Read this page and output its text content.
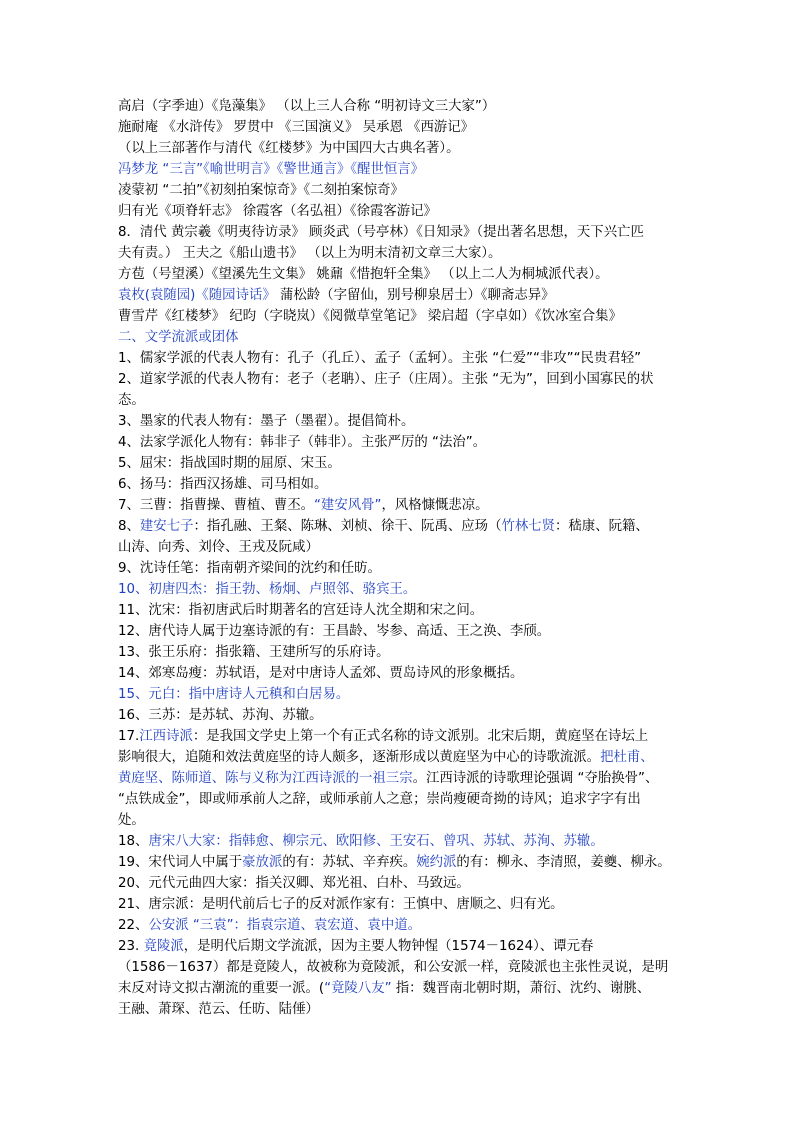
高启（字季迪）《凫藻集》 （以上三人合称 “明初诗文三大家”）
施耐庵 《水浒传》 罗贯中 《三国演义》 吴承恩 《西游记》
（以上三部著作与清代《红楼梦》为中国四大古典名著）。
冯梦龙 “三言”《喻世明言》《警世通言》《醒世恒言》
凌蒙初 “二拍”《初刻拍案惊奇》《二刻拍案惊奇》
归有光《项脊轩志》 徐霞客（名弘祖）《徐霞客游记》
8．清代 黄宗羲《明夷待访录》 顾炎武（号亭林）《日知录》（提出著名思想，天下兴亡匹
夫有责。） 王夫之《船山遗书》 （以上为明末清初文章三大家）。
方苞（号望溪）《望溪先生文集》 姚鼐《惜抱轩全集》 （以上二人为桐城派代表）。
袁枚(袁随园)《随园诗话》 蒲松龄（字留仙，别号柳泉居士）《聊斋志异》
曹雪芹《红楼梦》 纪昀（字晓岚）《阅微草堂笔记》 梁启超（字卓如）《饮冰室合集》
二、文学流派或团体
1、儒家学派的代表人物有：孔子（孔丘）、孟子（孟轲）。主张 “仁爱”“非攻”“民贵君轻”
2、道家学派的代表人物有：老子（老聃）、庄子（庄周）。主张 “无为”，回到小国寡民的状
态。
3、墨家的代表人物有：墨子（墨翟）。提倡简朴。
4、法家学派化人物有：韩非子（韩非）。主张严厉的 “法治”。
5、屈宋：指战国时期的屈原、宋玉。
6、扬马：指西汉扬雄、司马相如。
7、三曹：指曹操、曹植、曹丕。“建安风骨”，风格慷慨悲凉。
8、建安七子：指孔融、王粲、陈琳、刘桢、徐干、阮禹、应玚（竹林七贤：嵇康、阮籍、
山涛、向秀、刘伶、王戎及阮咸）
9、沈诗任笔：指南朝齐梁间的沈约和任昉。
10、初唐四杰：指王勃、杨炯、卢照邻、骆宾王。
11、沈宋：指初唐武后时期著名的宫廷诗人沈全期和宋之问。
12、唐代诗人属于边塞诗派的有：王昌龄、岑参、高适、王之涣、李颀。
13、张王乐府：指张籍、王建所写的乐府诗。
14、郊寒岛瘦：苏轼语，是对中唐诗人孟郊、贾岛诗风的形象概括。
15、元白：指中唐诗人元稹和白居易。
16、三苏：是苏轼、苏洵、苏辙。
17.江西诗派：是我国文学史上第一个有正式名称的诗文派别。北宋后期，黄庭坚在诗坛上
影响很大，追随和效法黄庭坚的诗人颇多，逐渐形成以黄庭坚为中心的诗歌流派。把杜甫、
黄庭坚、陈师道、陈与义称为江西诗派的一祖三宗。江西诗派的诗歌理论强调 “夺胎换骨”、
“点铁成金”，即或师承前人之辞，或师承前人之意；崇尚瘦硬奇拗的诗风；追求字字有出
处。
18、唐宋八大家：指韩愈、柳宗元、欧阳修、王安石、曾巩、苏轼、苏洵、苏辙。
19、宋代词人中属于豪放派的有：苏轼、辛弃疾。婉约派的有：柳永、李清照，姜夔、柳永。
20、元代元曲四大家：指关汉卿、郑光祖、白朴、马致远。
21、唐宗派：是明代前后七子的反对派作家有：王慎中、唐顺之、归有光。
22、公安派 “三袁”：指袁宗道、袁宏道、袁中道。
23. 竟陵派，是明代后期文学流派，因为主要人物钟惺（1574－1624）、谭元春
（1586－1637）都是竟陵人，故被称为竟陵派，和公安派一样，竟陵派也主张性灵说，是明
末反对诗文拟古潮流的重要一派。(“竟陵八友” 指：魏晋南北朝时期，萧衍、沈约、谢朓、
王融、萧琛、范云、任昉、陆倕）
